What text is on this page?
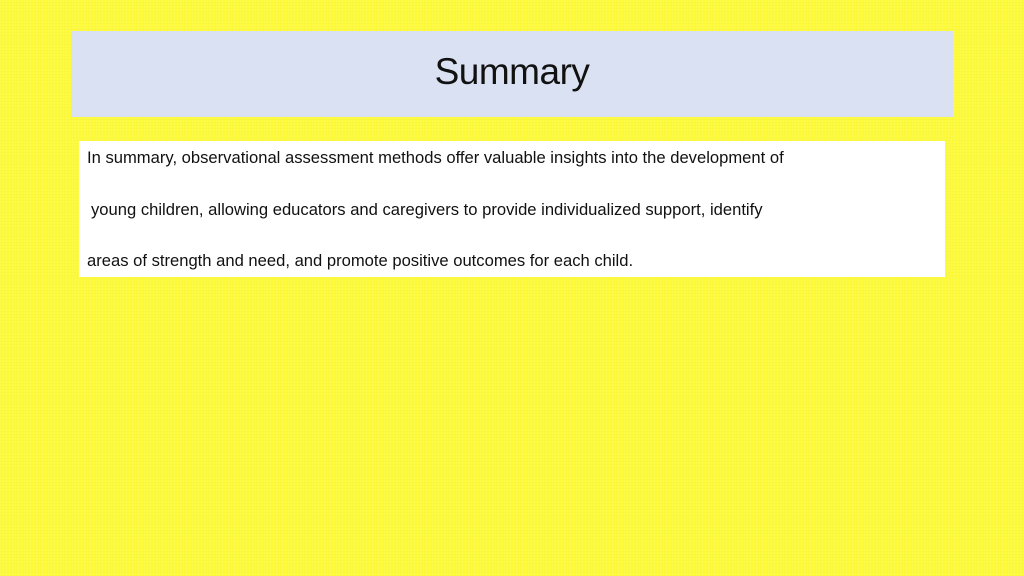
Summary
In summary, observational assessment methods offer valuable insights into the development of
young children, allowing educators and caregivers to provide individualized support, identify
areas of strength and need, and promote positive outcomes for each child.
